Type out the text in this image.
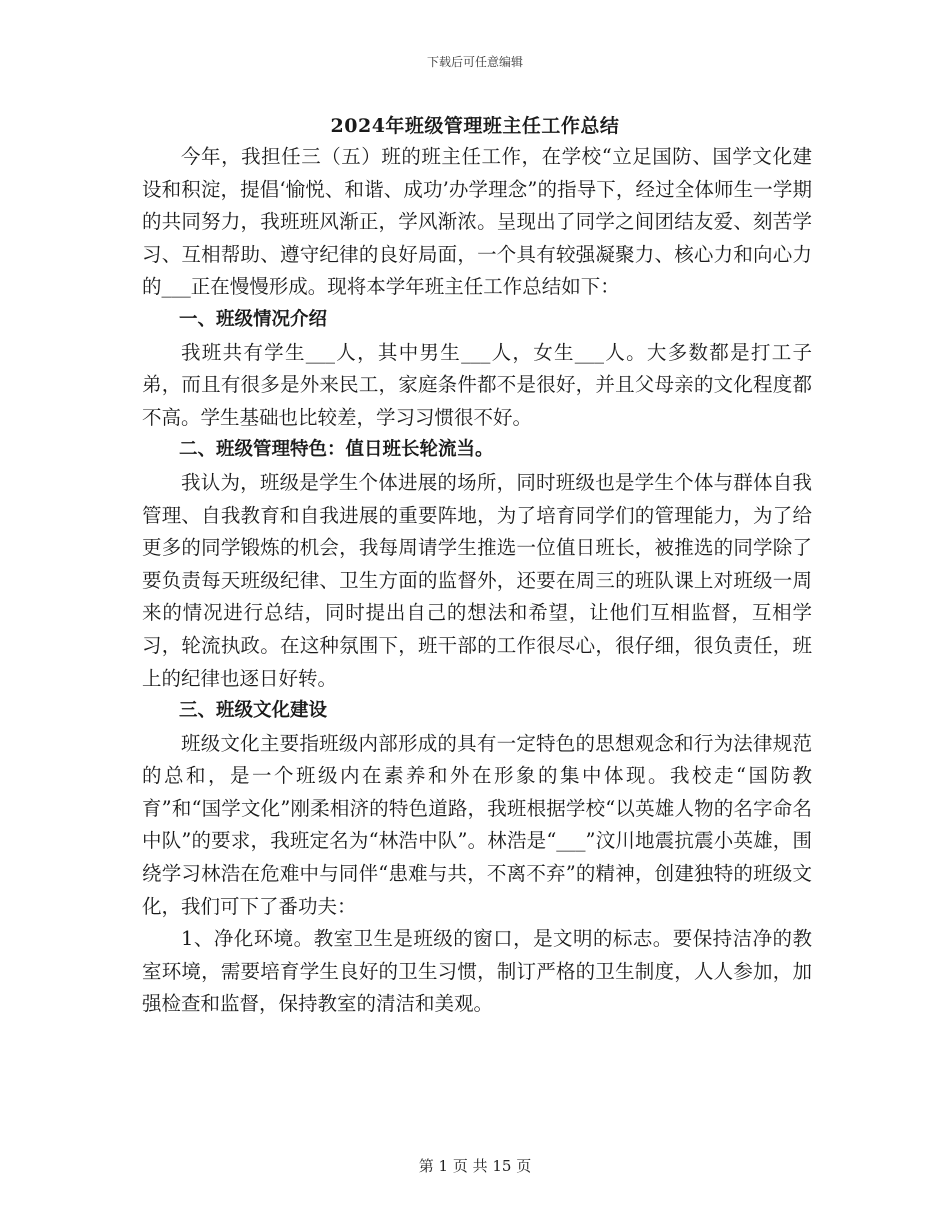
下载后可任意编辑
2024年班级管理班主任工作总结

今年，我担任三（五）班的班主任工作，在学校“立足国防、国学文化建设和积淀，提倡‘愉悦、和谐、成功’办学理念”的指导下，经过全体师生一学期的共同努力，我班班风渐正，学风渐浓。呈现出了同学之间团结友爱、刻苦学习、互相帮助、遵守纪律的良好局面，一个具有较强凝聚力、核心力和向心力的___正在慢慢形成。现将本学年班主任工作总结如下：

一、班级情况介绍

我班共有学生___人，其中男生___人，女生___人。大多数都是打工子弟，而且有很多是外来民工，家庭条件都不是很好，并且父母亲的文化程度都不高。学生基础也比较差，学习习惯很不好。

二、班级管理特色：值日班长轮流当。

我认为，班级是学生个体进展的场所，同时班级也是学生个体与群体自我管理、自我教育和自我进展的重要阵地，为了培育同学们的管理能力，为了给更多的同学锻炼的机会，我每周请学生推选一位值日班长，被推选的同学除了要负责每天班级纪律、卫生方面的监督外，还要在周三的班队课上对班级一周来的情况进行总结，同时提出自己的想法和希望，让他们互相监督，互相学习，轮流执政。在这种氛围下，班干部的工作很尽心，很仔细，很负责任，班上的纪律也逐日好转。

三、班级文化建设

班级文化主要指班级内部形成的具有一定特色的思想观念和行为法律规范的总和，是一个班级内在素养和外在形象的集中体现。我校走“国防教育”和“国学文化”刚柔相济的特色道路，我班根据学校“以英雄人物的名字命名中队”的要求，我班定名为“林浩中队”。林浩是“___”汶川地震抗震小英雄，围绕学习林浩在危难中与同伴“患难与共，不离不弃”的精神，创建独特的班级文化，我们可下了番功夫：

1、净化环境。教室卫生是班级的窗口，是文明的标志。要保持洁净的教室环境，需要培育学生良好的卫生习惯，制订严格的卫生制度，人人参加，加强检查和监督，保持教室的清洁和美观。

第 1 页 共 15 页
